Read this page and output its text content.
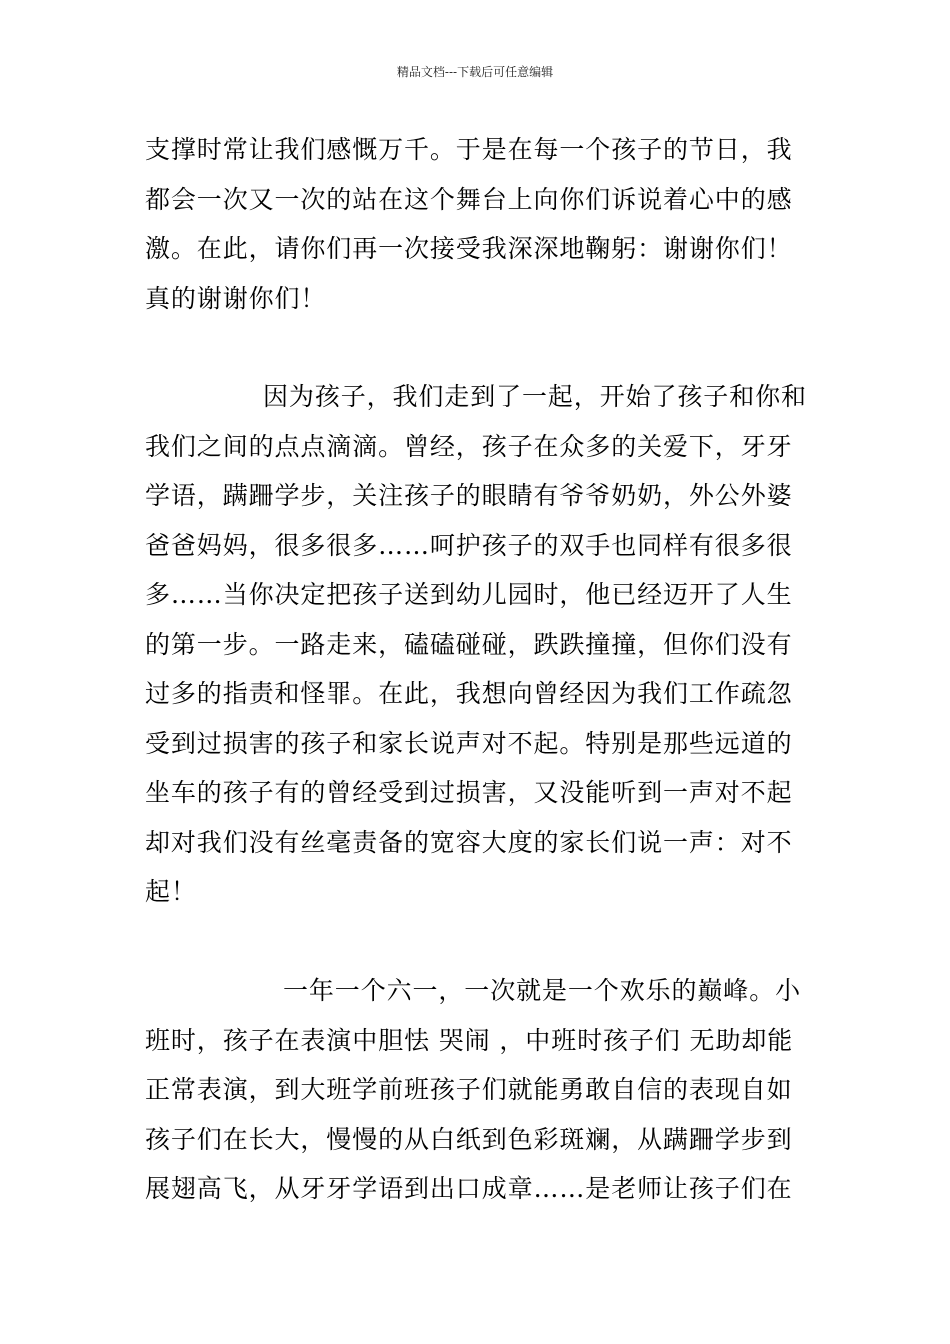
精品文档---下载后可任意编辑
支撑时常让我们感慨万千。于是在每一个孩子的节日，我
都会一次又一次的站在这个舞台上向你们诉说着心中的感
激。在此，请你们再一次接受我深深地鞠躬：谢谢你们！
真的谢谢你们！
因为孩子，我们走到了一起，开始了孩子和你和
我们之间的点点滴滴。曾经，孩子在众多的关爱下，牙牙
学语，蹒跚学步，关注孩子的眼睛有爷爷奶奶，外公外婆
爸爸妈妈，很多很多……呵护孩子的双手也同样有很多很
多……当你决定把孩子送到幼儿园时，他已经迈开了人生
的第一步。一路走来，磕磕碰碰，跌跌撞撞，但你们没有
过多的指责和怪罪。在此，我想向曾经因为我们工作疏忽
受到过损害的孩子和家长说声对不起。特别是那些远道的
坐车的孩子有的曾经受到过损害，又没能听到一声对不起
却对我们没有丝毫责备的宽容大度的家长们说一声：对不
起！
一年一个六一，一次就是一个欢乐的巅峰。小
班时，孩子在表演中胆怯 哭闹 ，中班时孩子们 无助却能
正常表演，到大班学前班孩子们就能勇敢自信的表现自如
孩子们在长大，慢慢的从白纸到色彩斑斓，从蹒跚学步到
展翅高飞，从牙牙学语到出口成章……是老师让孩子们在
